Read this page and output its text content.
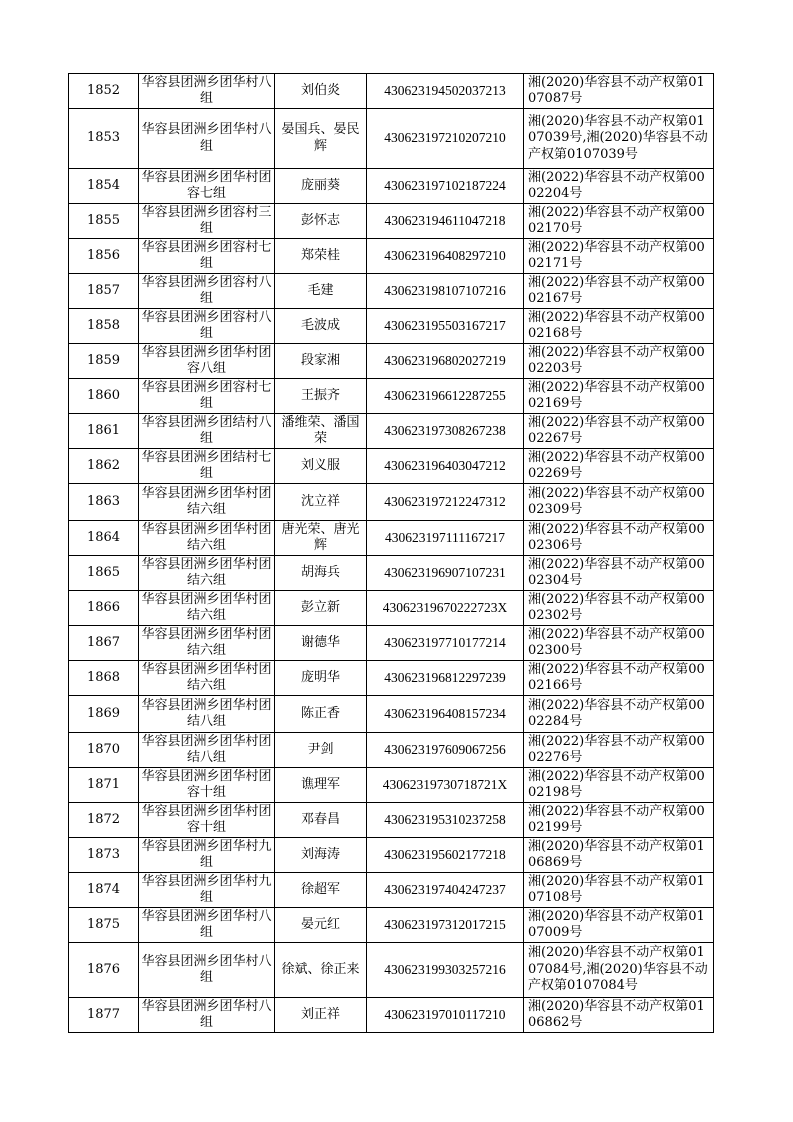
1852	华容县团洲乡团华村八组	刘伯炎	430623194502037213	湘(2020)华容县不动产权第0107087号
1853	华容县团洲乡团华村八组	晏国兵、晏民辉	430623197210207210	湘(2020)华容县不动产权第0107039号,湘(2020)华容县不动产权第0107039号
1854	华容县团洲乡团华村团容七组	庞丽葵	430623197102187224	湘(2022)华容县不动产权第0002204号
1855	华容县团洲乡团容村三组	彭怀志	430623194611047218	湘(2022)华容县不动产权第0002170号
1856	华容县团洲乡团容村七组	郑荣桂	430623196408297210	湘(2022)华容县不动产权第0002171号
1857	华容县团洲乡团容村八组	毛建	430623198107107216	湘(2022)华容县不动产权第0002167号
1858	华容县团洲乡团容村八组	毛波成	430623195503167217	湘(2022)华容县不动产权第0002168号
1859	华容县团洲乡团华村团容八组	段家湘	430623196802027219	湘(2022)华容县不动产权第0002203号
1860	华容县团洲乡团容村七组	王振齐	430623196612287255	湘(2022)华容县不动产权第0002169号
1861	华容县团洲乡团结村八组	潘维荣、潘国荣	430623197308267238	湘(2022)华容县不动产权第0002267号
1862	华容县团洲乡团结村七组	刘义服	430623196403047212	湘(2022)华容县不动产权第0002269号
1863	华容县团洲乡团华村团结六组	沈立祥	430623197212247312	湘(2022)华容县不动产权第0002309号
1864	华容县团洲乡团华村团结六组	唐光荣、唐光辉	430623197111167217	湘(2022)华容县不动产权第0002306号
1865	华容县团洲乡团华村团结六组	胡海兵	430623196907107231	湘(2022)华容县不动产权第0002304号
1866	华容县团洲乡团华村团结六组	彭立新	43062319670222723X	湘(2022)华容县不动产权第0002302号
1867	华容县团洲乡团华村团结六组	谢德华	430623197710177214	湘(2022)华容县不动产权第0002300号
1868	华容县团洲乡团华村团结六组	庞明华	430623196812297239	湘(2022)华容县不动产权第0002166号
1869	华容县团洲乡团华村团结八组	陈正香	430623196408157234	湘(2022)华容县不动产权第0002284号
1870	华容县团洲乡团华村团结八组	尹剑	430623197609067256	湘(2022)华容县不动产权第0002276号
1871	华容县团洲乡团华村团容十组	谯理军	43062319730718721X	湘(2022)华容县不动产权第0002198号
1872	华容县团洲乡团华村团容十组	邓春昌	430623195310237258	湘(2022)华容县不动产权第0002199号
1873	华容县团洲乡团华村九组	刘海涛	430623195602177218	湘(2020)华容县不动产权第0106869号
1874	华容县团洲乡团华村九组	徐超军	430623197404247237	湘(2020)华容县不动产权第0107108号
1875	华容县团洲乡团华村八组	晏元红	430623197312017215	湘(2020)华容县不动产权第0107009号
1876	华容县团洲乡团华村八组	徐斌、徐正来	430623199303257216	湘(2020)华容县不动产权第0107084号,湘(2020)华容县不动产权第0107084号
1877	华容县团洲乡团华村八组	刘正祥	430623197010117210	湘(2020)华容县不动产权第0106862号
